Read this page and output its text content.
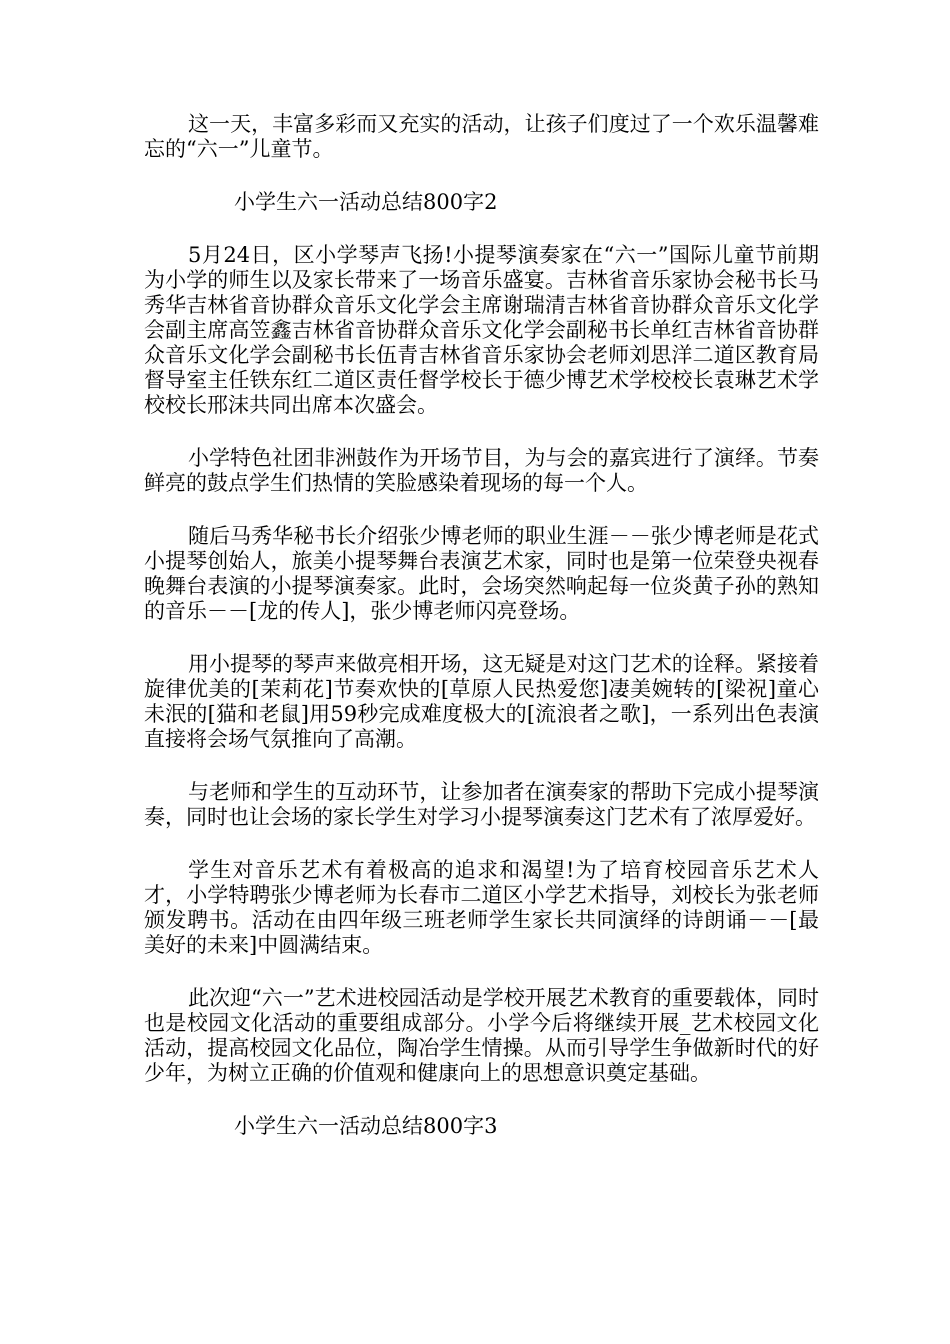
这一天，丰富多彩而又充实的活动，让孩子们度过了一个欢乐温馨难忘的“六一”儿童节。

小学生六一活动总结800字2

5月24日，区小学琴声飞扬!小提琴演奏家在“六一”国际儿童节前期为小学的师生以及家长带来了一场音乐盛宴。吉林省音乐家协会秘书长马秀华吉林省音协群众音乐文化学会主席谢瑞清吉林省音协群众音乐文化学会副主席高笠鑫吉林省音协群众音乐文化学会副秘书长单红吉林省音协群众音乐文化学会副秘书长伍青吉林省音乐家协会老师刘思洋二道区教育局督导室主任铁东红二道区责任督学校长于德少博艺术学校校长袁琳艺术学校校长邢沫共同出席本次盛会。

小学特色社团非洲鼓作为开场节目，为与会的嘉宾进行了演绎。节奏鲜亮的鼓点学生们热情的笑脸感染着现场的每一个人。

随后马秀华秘书长介绍张少博老师的职业生涯－－张少博老师是花式小提琴创始人，旅美小提琴舞台表演艺术家，同时也是第一位荣登央视春晚舞台表演的小提琴演奏家。此时，会场突然响起每一位炎黄子孙的熟知的音乐－－[龙的传人]，张少博老师闪亮登场。

用小提琴的琴声来做亮相开场，这无疑是对这门艺术的诠释。紧接着旋律优美的[茉莉花]节奏欢快的[草原人民热爱您]凄美婉转的[梁祝]童心未泯的[猫和老鼠]用59秒完成难度极大的[流浪者之歌]，一系列出色表演直接将会场气氛推向了高潮。

与老师和学生的互动环节，让参加者在演奏家的帮助下完成小提琴演奏，同时也让会场的家长学生对学习小提琴演奏这门艺术有了浓厚爱好。

学生对音乐艺术有着极高的追求和渴望!为了培育校园音乐艺术人才，小学特聘张少博老师为长春市二道区小学艺术指导，刘校长为张老师颁发聘书。活动在由四年级三班老师学生家长共同演绎的诗朗诵－－[最美好的未来]中圆满结束。

此次迎“六一”艺术进校园活动是学校开展艺术教育的重要载体，同时也是校园文化活动的重要组成部分。小学今后将继续开展_艺术校园文化活动，提高校园文化品位，陶冶学生情操。从而引导学生争做新时代的好少年，为树立正确的价值观和健康向上的思想意识奠定基础。

小学生六一活动总结800字3
